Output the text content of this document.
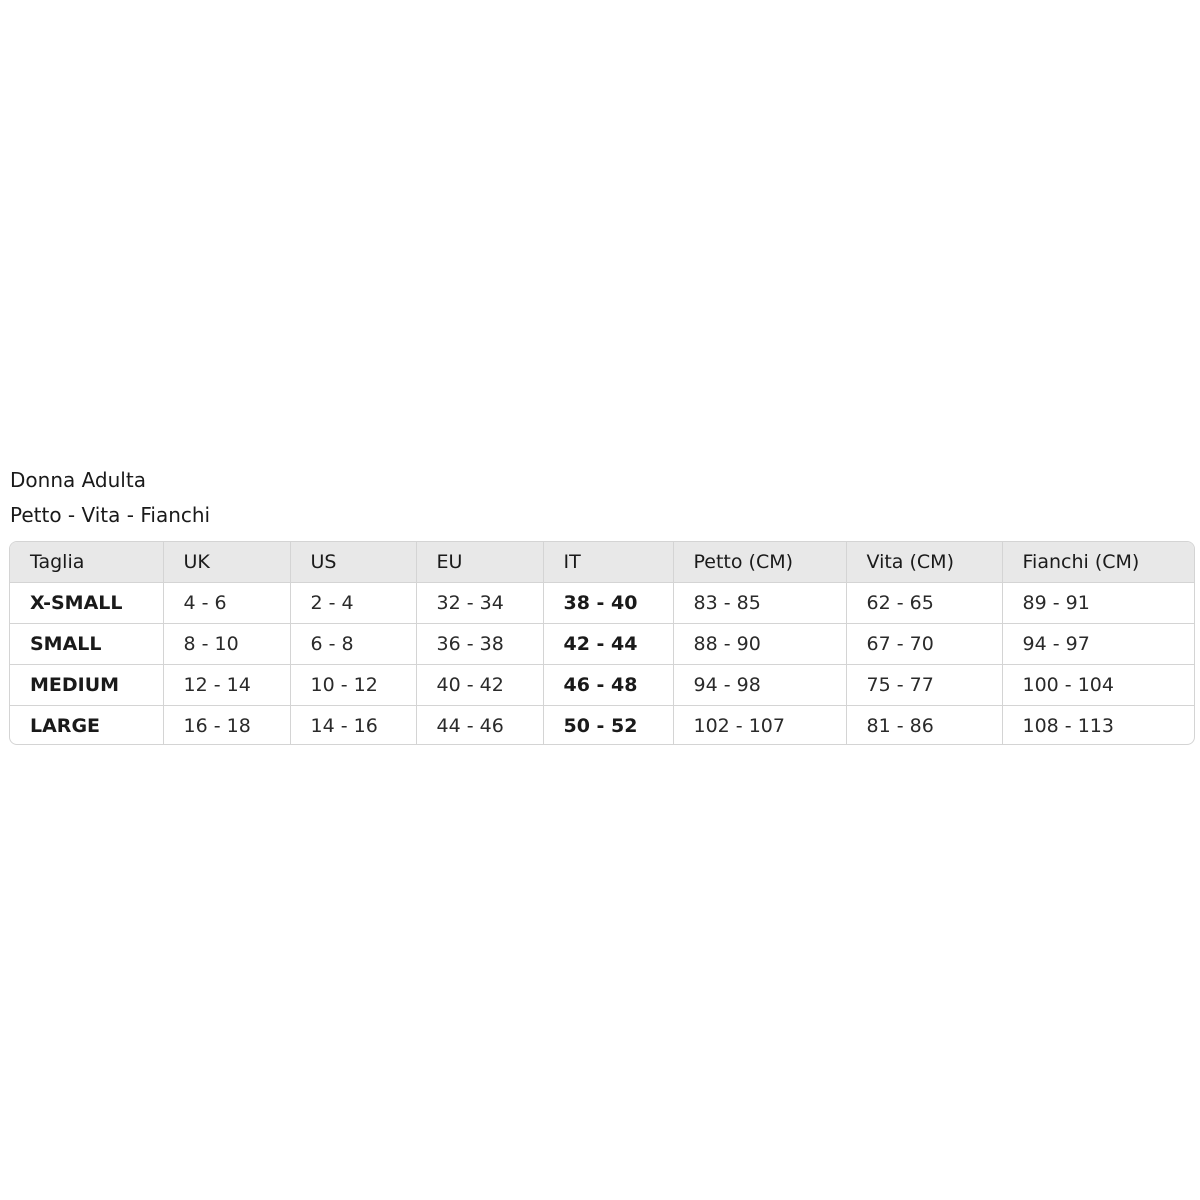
Donna Adulta
Petto - Vita - Fianchi
Taglia	UK	US	EU	IT	Petto (CM)	Vita (CM)	Fianchi (CM)
X-SMALL	4 - 6	2 - 4	32 - 34	38 - 40	83 - 85	62 - 65	89 - 91
SMALL	8 - 10	6 - 8	36 - 38	42 - 44	88 - 90	67 - 70	94 - 97
MEDIUM	12 - 14	10 - 12	40 - 42	46 - 48	94 - 98	75 - 77	100 - 104
LARGE	16 - 18	14 - 16	44 - 46	50 - 52	102 - 107	81 - 86	108 - 113
